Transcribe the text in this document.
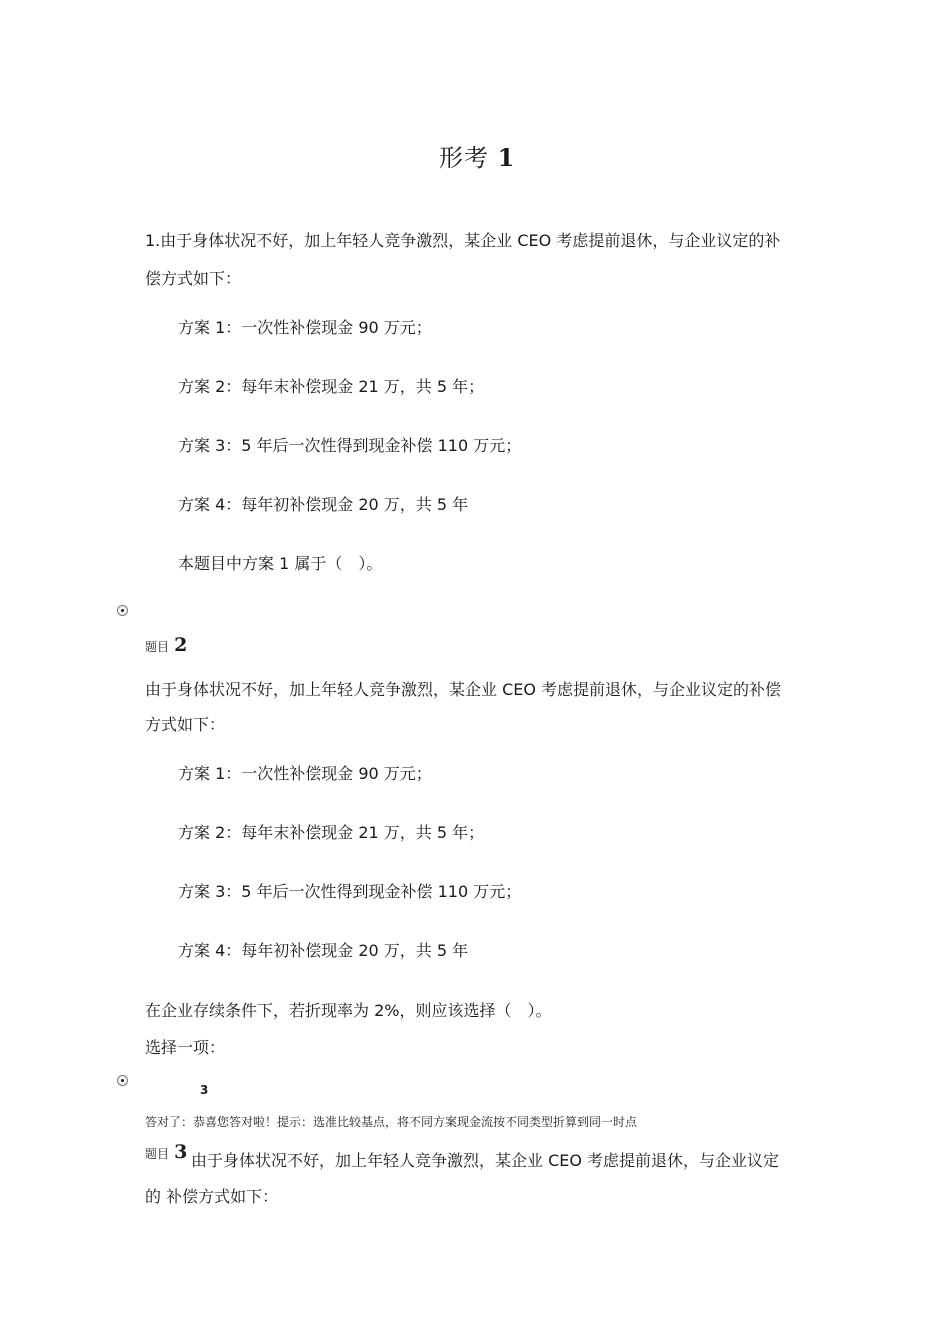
形考 1
1.由于身体状况不好，加上年轻人竞争激烈，某企业 CEO 考虑提前退休，与企业议定的补
偿方式如下：
方案 1：一次性补偿现金 90 万元；
方案 2：每年末补偿现金 21 万，共 5 年；
方案 3：5 年后一次性得到现金补偿 110 万元；
方案 4：每年初补偿现金 20 万，共 5 年
本题目中方案 1 属于（　）。
题目 2
由于身体状况不好，加上年轻人竞争激烈，某企业 CEO 考虑提前退休，与企业议定的补偿
方式如下：
方案 1：一次性补偿现金 90 万元；
方案 2：每年末补偿现金 21 万，共 5 年；
方案 3：5 年后一次性得到现金补偿 110 万元；
方案 4：每年初补偿现金 20 万，共 5 年
在企业存续条件下，若折现率为 2%，则应该选择（　）。
选择一项：
3
答对了：恭喜您答对啦！提示：选准比较基点，将不同方案现金流按不同类型折算到同一时点
题目 3 由于身体状况不好，加上年轻人竞争激烈，某企业 CEO 考虑提前退休，与企业议定
的 补偿方式如下：
